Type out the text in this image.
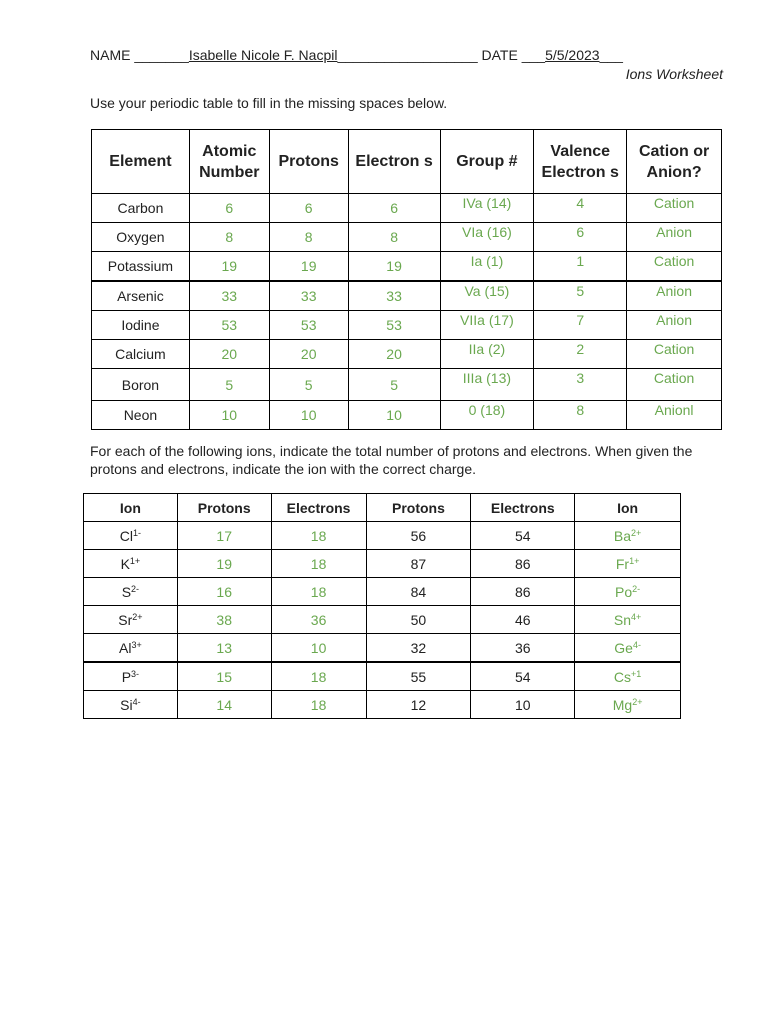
NAME _______Isabelle Nicole F. Nacpil__________________ DATE ___5/5/2023___
Ions Worksheet
Use your periodic table to fill in the missing spaces below.
Element	Atomic Number	Protons	Electron s	Group #	Valence Electron s	Cation or Anion?
Carbon	6	6	6	IVa (14)	4	Cation
Oxygen	8	8	8	VIa (16)	6	Anion
Potassium	19	19	19	Ia (1)	1	Cation
Arsenic	33	33	33	Va (15)	5	Anion
Iodine	53	53	53	VIIa (17)	7	Anion
Calcium	20	20	20	IIa (2)	2	Cation
Boron	5	5	5	IIIa (13)	3	Cation
Neon	10	10	10	0 (18)	8	Anionl
For each of the following ions, indicate the total number of protons and electrons. When given the protons and electrons, indicate the ion with the correct charge.
Ion	Protons	Electrons	Protons	Electrons	Ion
$Cl^{1-}$	17	18	56	54	$Ba^{2+}$
$K^{1+}$	19	18	87	86	$Fr^{1+}$
$S^{2-}$	16	18	84	86	$Po^{2-}$
$Sr^{2+}$	38	36	50	46	$Sn^{4+}$
$Al^{3+}$	13	10	32	36	$Ge^{4-}$
$P^{3-}$	15	18	55	54	$Cs^{+1}$
$Si^{4-}$	14	18	12	10	$Mg^{2+}$
